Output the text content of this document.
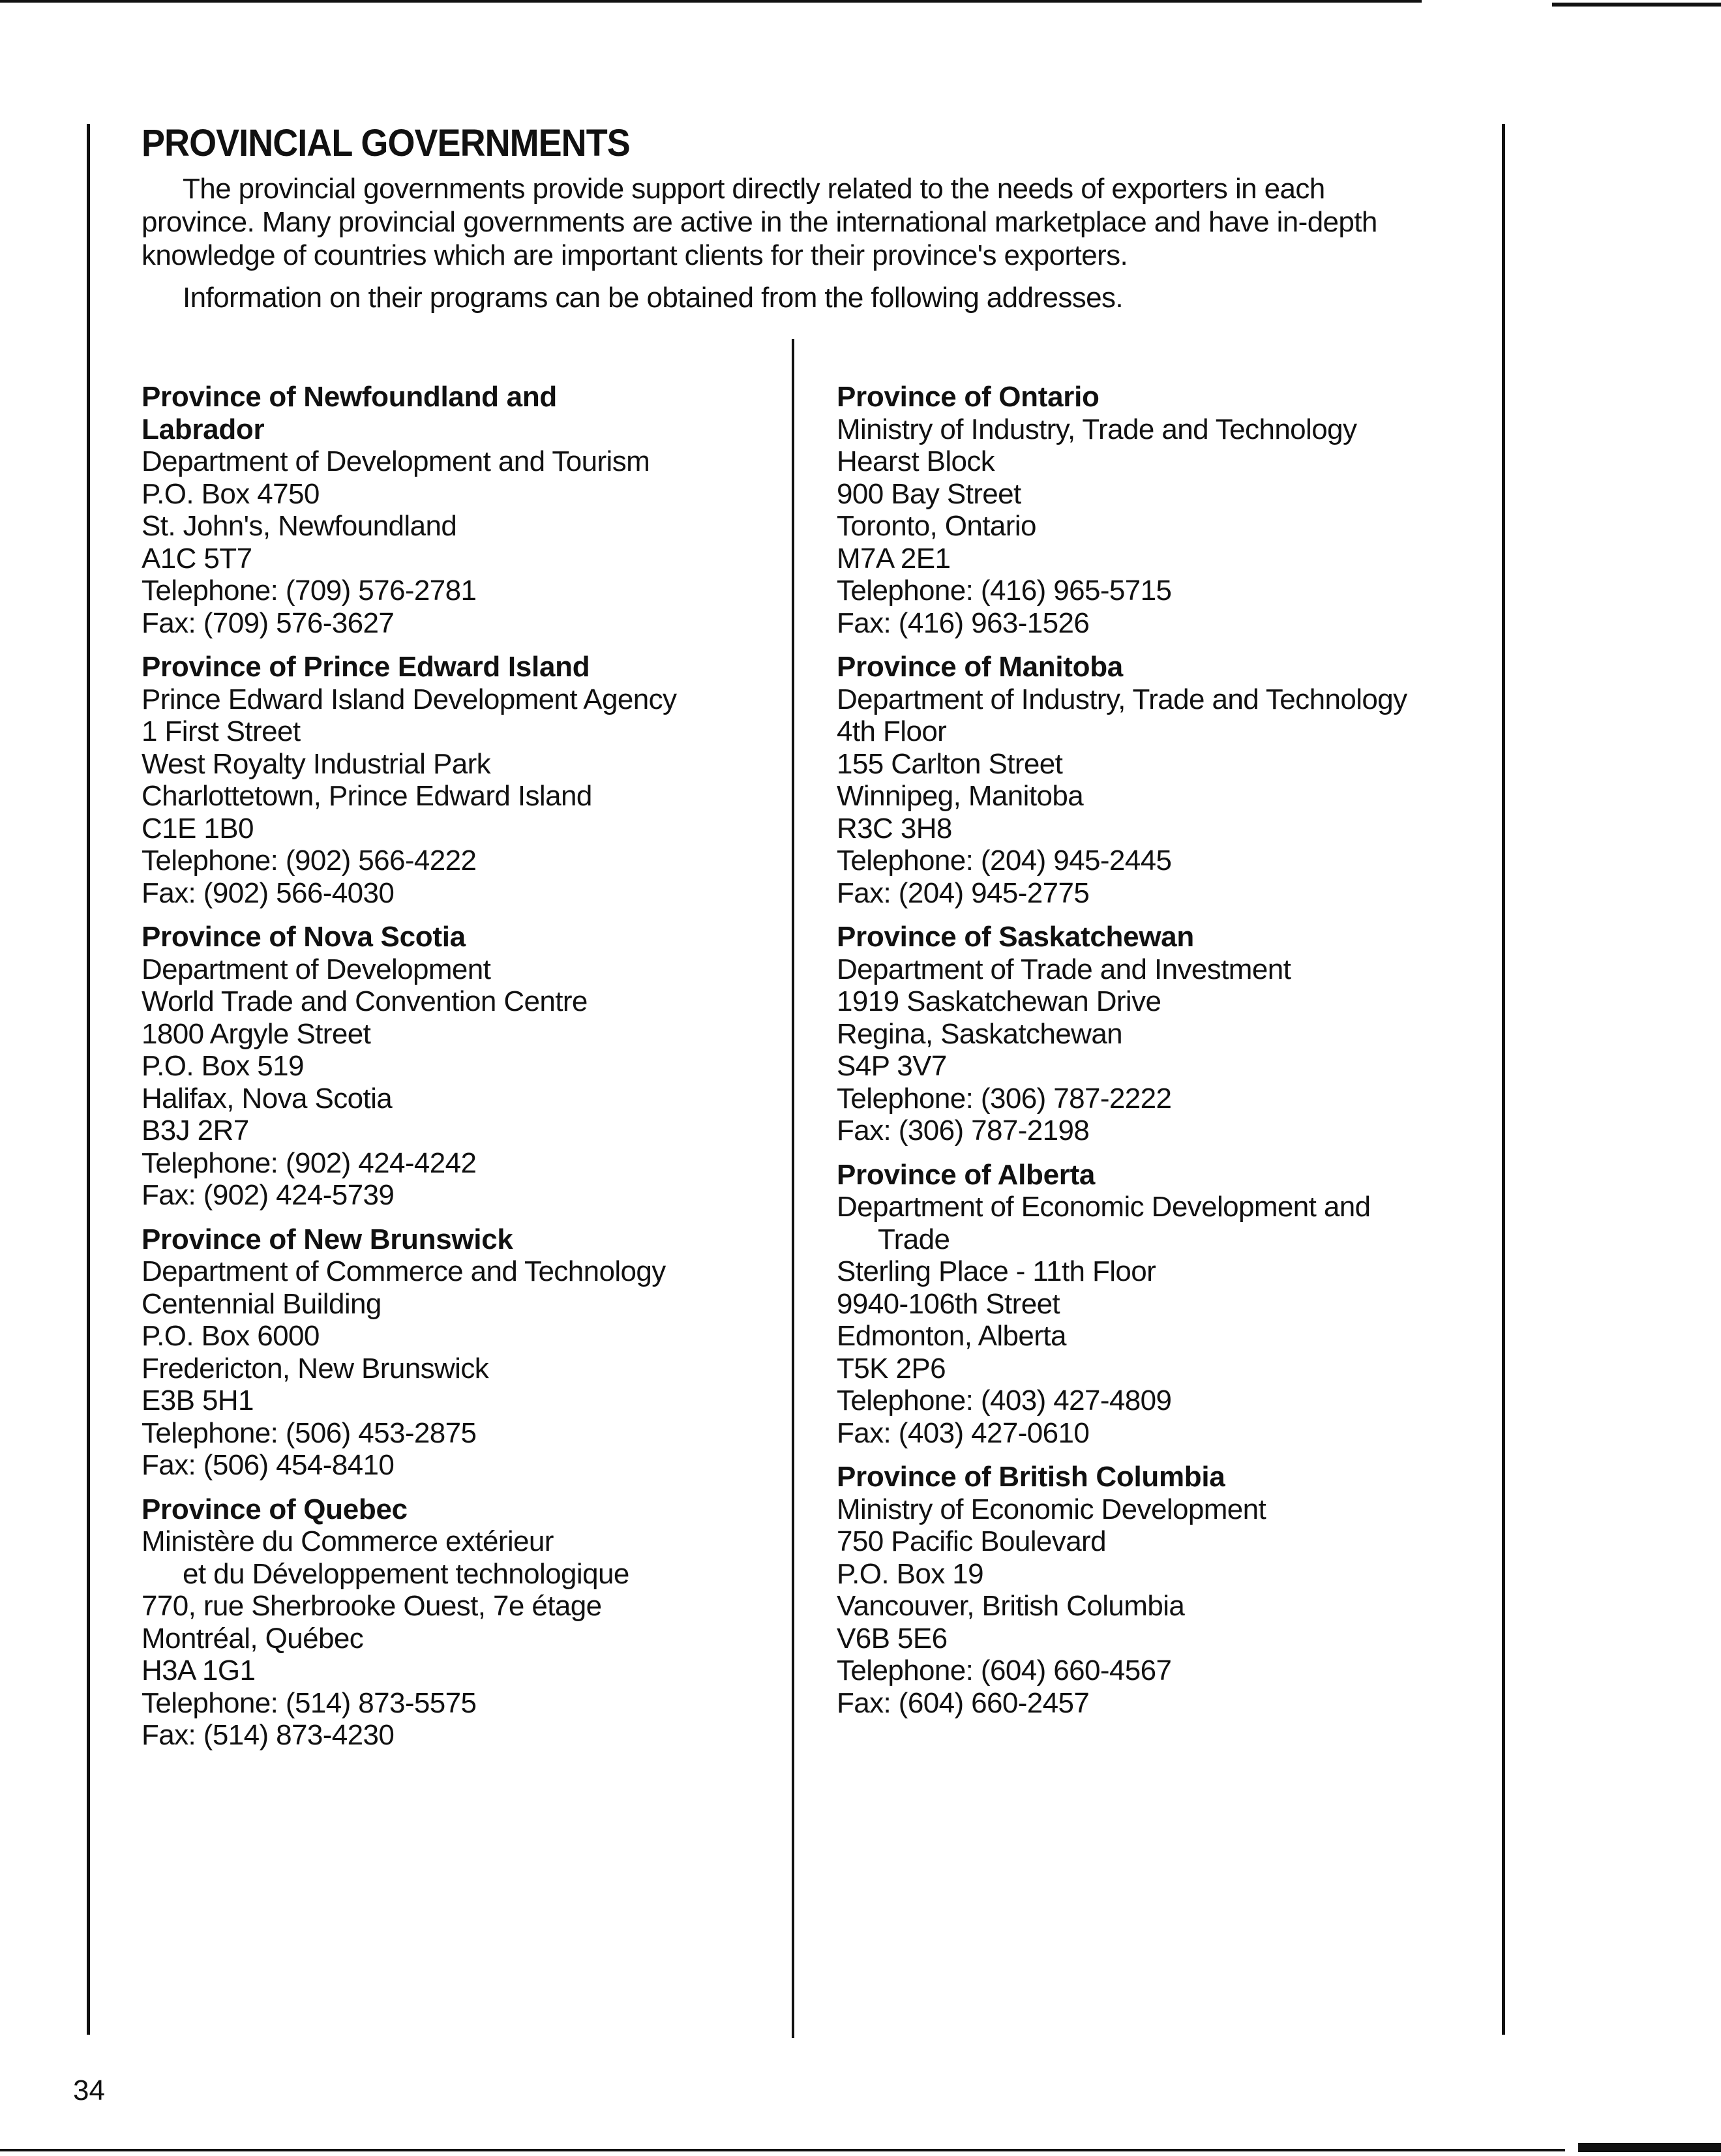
PROVINCIAL GOVERNMENTS

The provincial governments provide support directly related to the needs of exporters in each
province. Many provincial governments are active in the international marketplace and have in-depth
knowledge of countries which are important clients for their province's exporters.

Information on their programs can be obtained from the following addresses.

Province of Newfoundland and
Labrador
Department of Development and Tourism
P.O. Box 4750
St. John's, Newfoundland
A1C 5T7
Telephone: (709) 576-2781
Fax: (709) 576-3627
Province of Prince Edward Island
Prince Edward Island Development Agency
1 First Street
West Royalty Industrial Park
Charlottetown, Prince Edward Island
C1E 1B0
Telephone: (902) 566-4222
Fax: (902) 566-4030
Province of Nova Scotia
Department of Development
World Trade and Convention Centre
1800 Argyle Street
P.O. Box 519
Halifax, Nova Scotia
B3J 2R7
Telephone: (902) 424-4242
Fax: (902) 424-5739
Province of New Brunswick
Department of Commerce and Technology
Centennial Building
P.O. Box 6000
Fredericton, New Brunswick
E3B 5H1
Telephone: (506) 453-2875
Fax: (506) 454-8410
Province of Quebec
Ministère du Commerce extérieur
et du Développement technologique
770, rue Sherbrooke Ouest, 7e étage
Montréal, Québec
H3A 1G1
Telephone: (514) 873-5575
Fax: (514) 873-4230
Province of Ontario
Ministry of Industry, Trade and Technology
Hearst Block
900 Bay Street
Toronto, Ontario
M7A 2E1
Telephone: (416) 965-5715
Fax: (416) 963-1526
Province of Manitoba
Department of Industry, Trade and Technology
4th Floor
155 Carlton Street
Winnipeg, Manitoba
R3C 3H8
Telephone: (204) 945-2445
Fax: (204) 945-2775
Province of Saskatchewan
Department of Trade and Investment
1919 Saskatchewan Drive
Regina, Saskatchewan
S4P 3V7
Telephone: (306) 787-2222
Fax: (306) 787-2198
Province of Alberta
Department of Economic Development and
Trade
Sterling Place - 11th Floor
9940-106th Street
Edmonton, Alberta
T5K 2P6
Telephone: (403) 427-4809
Fax: (403) 427-0610
Province of British Columbia
Ministry of Economic Development
750 Pacific Boulevard
P.O. Box 19
Vancouver, British Columbia
V6B 5E6
Telephone: (604) 660-4567
Fax: (604) 660-2457
34
